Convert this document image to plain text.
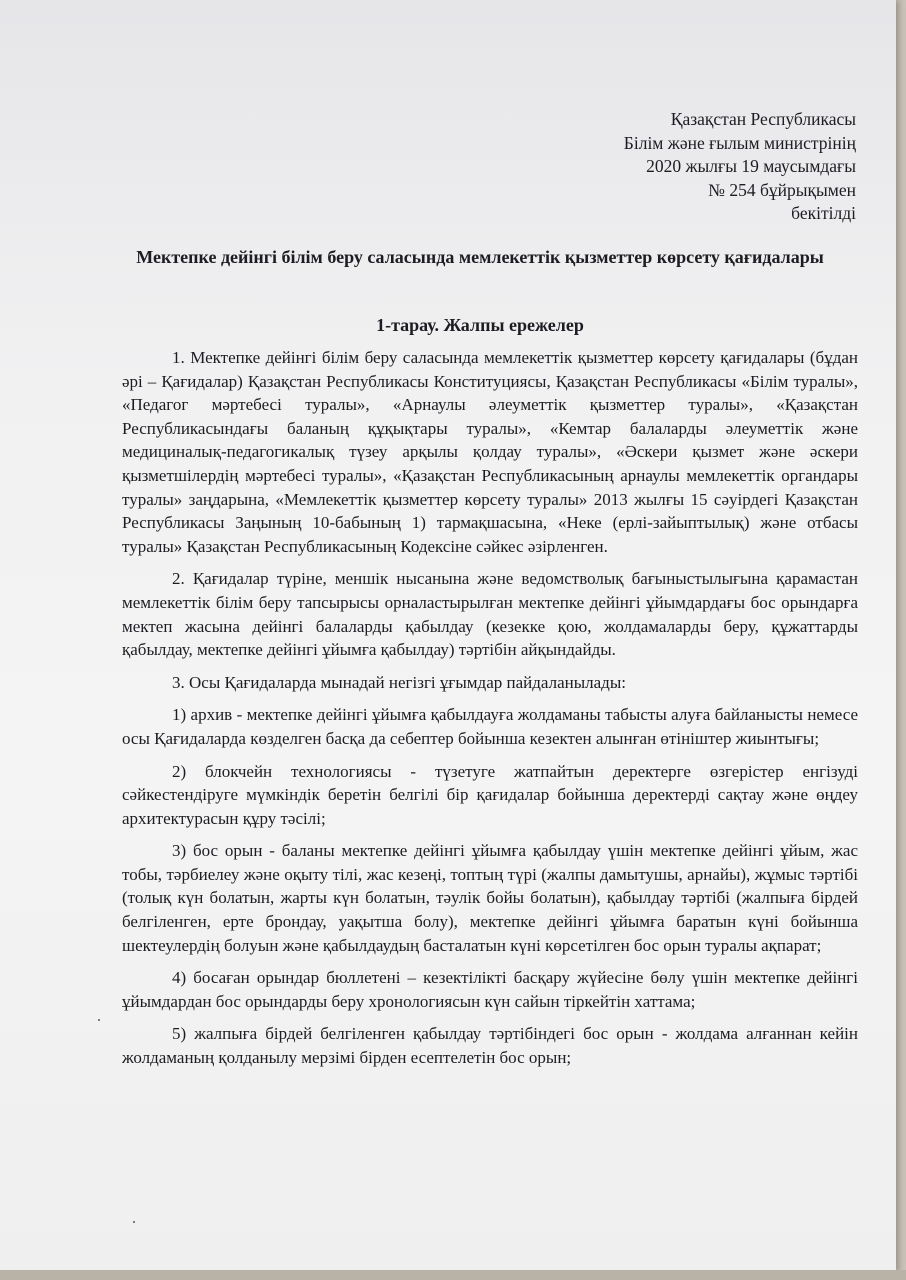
Қазақстан Республикасы
Білім және ғылым министрінің
2020 жылғы 19 маусымдағы
№ 254 бұйрықымен
бекітілді
Мектепке дейінгі білім беру саласында мемлекеттік қызметтер көрсету қағидалары
1-тарау. Жалпы ережелер

1. Мектепке дейінгі білім беру саласында мемлекеттік қызметтер көрсету қағидалары (бұдан әрі – Қағидалар) Қазақстан Республикасы Конституциясы, Қазақстан Республикасы «Білім туралы», «Педагог мәртебесі туралы», «Арнаулы әлеуметтік қызметтер туралы», «Қазақстан Республикасындағы баланың құқықтары туралы», «Кемтар балаларды әлеуметтік және медициналық-педагогикалық түзеу арқылы қолдау туралы», «Әскери қызмет және әскери қызметшілердің мәртебесі туралы», «Қазақстан Республикасының арнаулы мемлекеттік органдары туралы» заңдарына, «Мемлекеттік қызметтер көрсету туралы» 2013 жылғы 15 сәуірдегі Қазақстан Республикасы Заңының 10-бабының 1) тармақшасына, «Неке (ерлі-зайыптылық) және отбасы туралы» Қазақстан Республикасының Кодексіне сәйкес әзірленген.

2. Қағидалар түріне, меншік нысанына және ведомстволық бағыныстылығына қарамастан мемлекеттік білім беру тапсырысы орналастырылған мектепке дейінгі ұйымдардағы бос орындарға мектеп жасына дейінгі балаларды қабылдау (кезекке қою, жолдамаларды беру, құжаттарды қабылдау, мектепке дейінгі ұйымға қабылдау) тәртібін айқындайды.

3. Осы Қағидаларда мынадай негізгі ұғымдар пайдаланылады:

1) архив - мектепке дейінгі ұйымға қабылдауға жолдаманы табысты алуға байланысты немесе осы Қағидаларда көзделген басқа да себептер бойынша кезектен алынған өтініштер жиынтығы;

2) блокчейн технологиясы - түзетуге жатпайтын деректерге өзгерістер енгізуді сәйкестендіруге мүмкіндік беретін белгілі бір қағидалар бойынша деректерді сақтау және өңдеу архитектурасын құру тәсілі;

3) бос орын - баланы мектепке дейінгі ұйымға қабылдау үшін мектепке дейінгі ұйым, жас тобы, тәрбиелеу және оқыту тілі, жас кезеңі, топтың түрі (жалпы дамытушы, арнайы), жұмыс тәртібі (толық күн болатын, жарты күн болатын, тәулік бойы болатын), қабылдау тәртібі (жалпыға бірдей белгіленген, ерте брондау, уақытша болу), мектепке дейінгі ұйымға баратын күні бойынша шектеулердің болуын және қабылдаудың басталатын күні көрсетілген бос орын туралы ақпарат;

4) босаған орындар бюллетені – кезектілікті басқару жүйесіне бөлу үшін мектепке дейінгі ұйымдардан бос орындарды беру хронологиясын күн сайын тіркейтін хаттама;

5) жалпыға бірдей белгіленген қабылдау тәртібіндегі бос орын - жолдама алғаннан кейін жолдаманың қолданылу мерзімі бірден есептелетін бос орын;
